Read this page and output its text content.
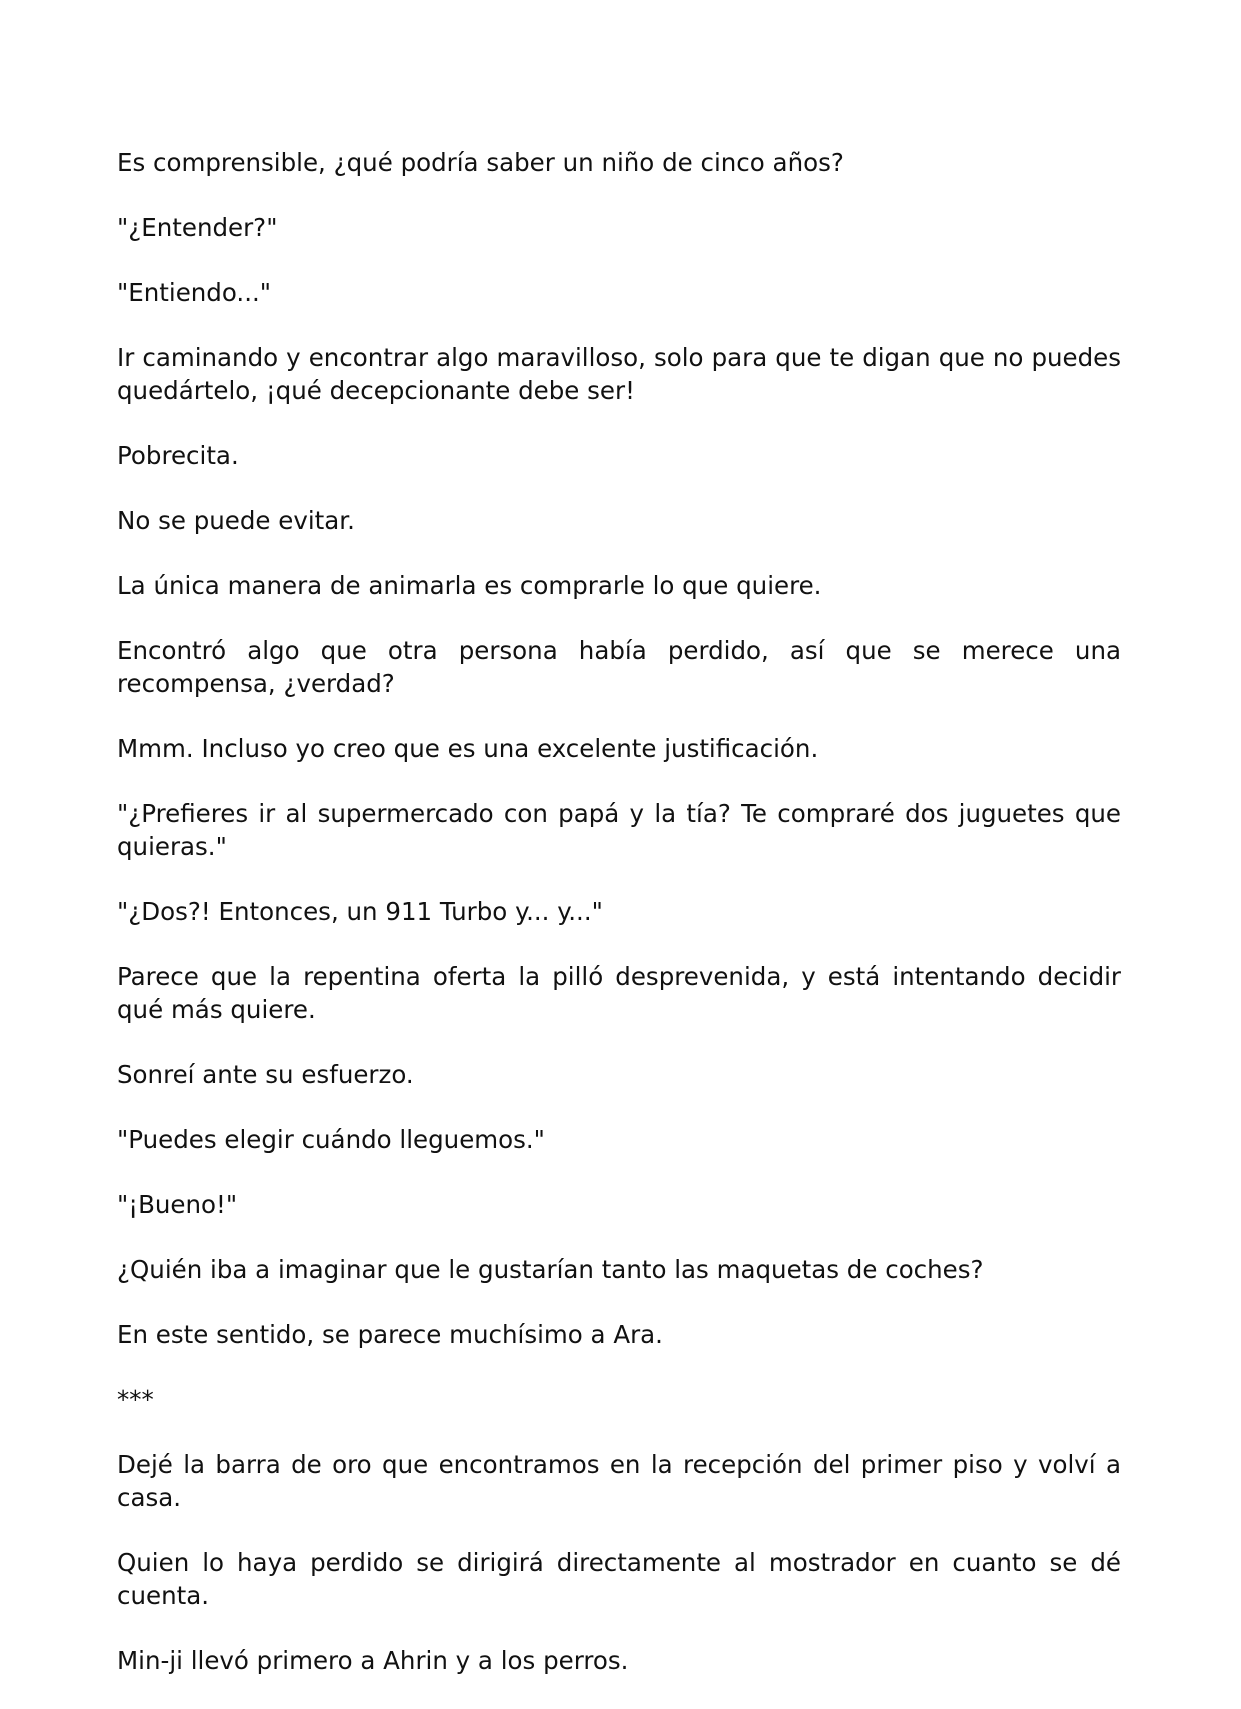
Es comprensible, ¿qué podría saber un niño de cinco años?

"¿Entender?"

"Entiendo..."

Ir caminando y encontrar algo maravilloso, solo para que te digan que no puedes quedártelo, ¡qué decepcionante debe ser!

Pobrecita.

No se puede evitar.

La única manera de animarla es comprarle lo que quiere.

Encontró algo que otra persona había perdido, así que se merece una recompensa, ¿verdad?

Mmm. Incluso yo creo que es una excelente justificación.

"¿Prefieres ir al supermercado con papá y la tía? Te compraré dos juguetes que quieras."

"¿Dos?! Entonces, un 911 Turbo y... y..."

Parece que la repentina oferta la pilló desprevenida, y está intentando decidir qué más quiere.

Sonreí ante su esfuerzo.

"Puedes elegir cuándo lleguemos."

"¡Bueno!"

¿Quién iba a imaginar que le gustarían tanto las maquetas de coches?

En este sentido, se parece muchísimo a Ara.

***

Dejé la barra de oro que encontramos en la recepción del primer piso y volví a casa.

Quien lo haya perdido se dirigirá directamente al mostrador en cuanto se dé cuenta.

Min-ji llevó primero a Ahrin y a los perros.
